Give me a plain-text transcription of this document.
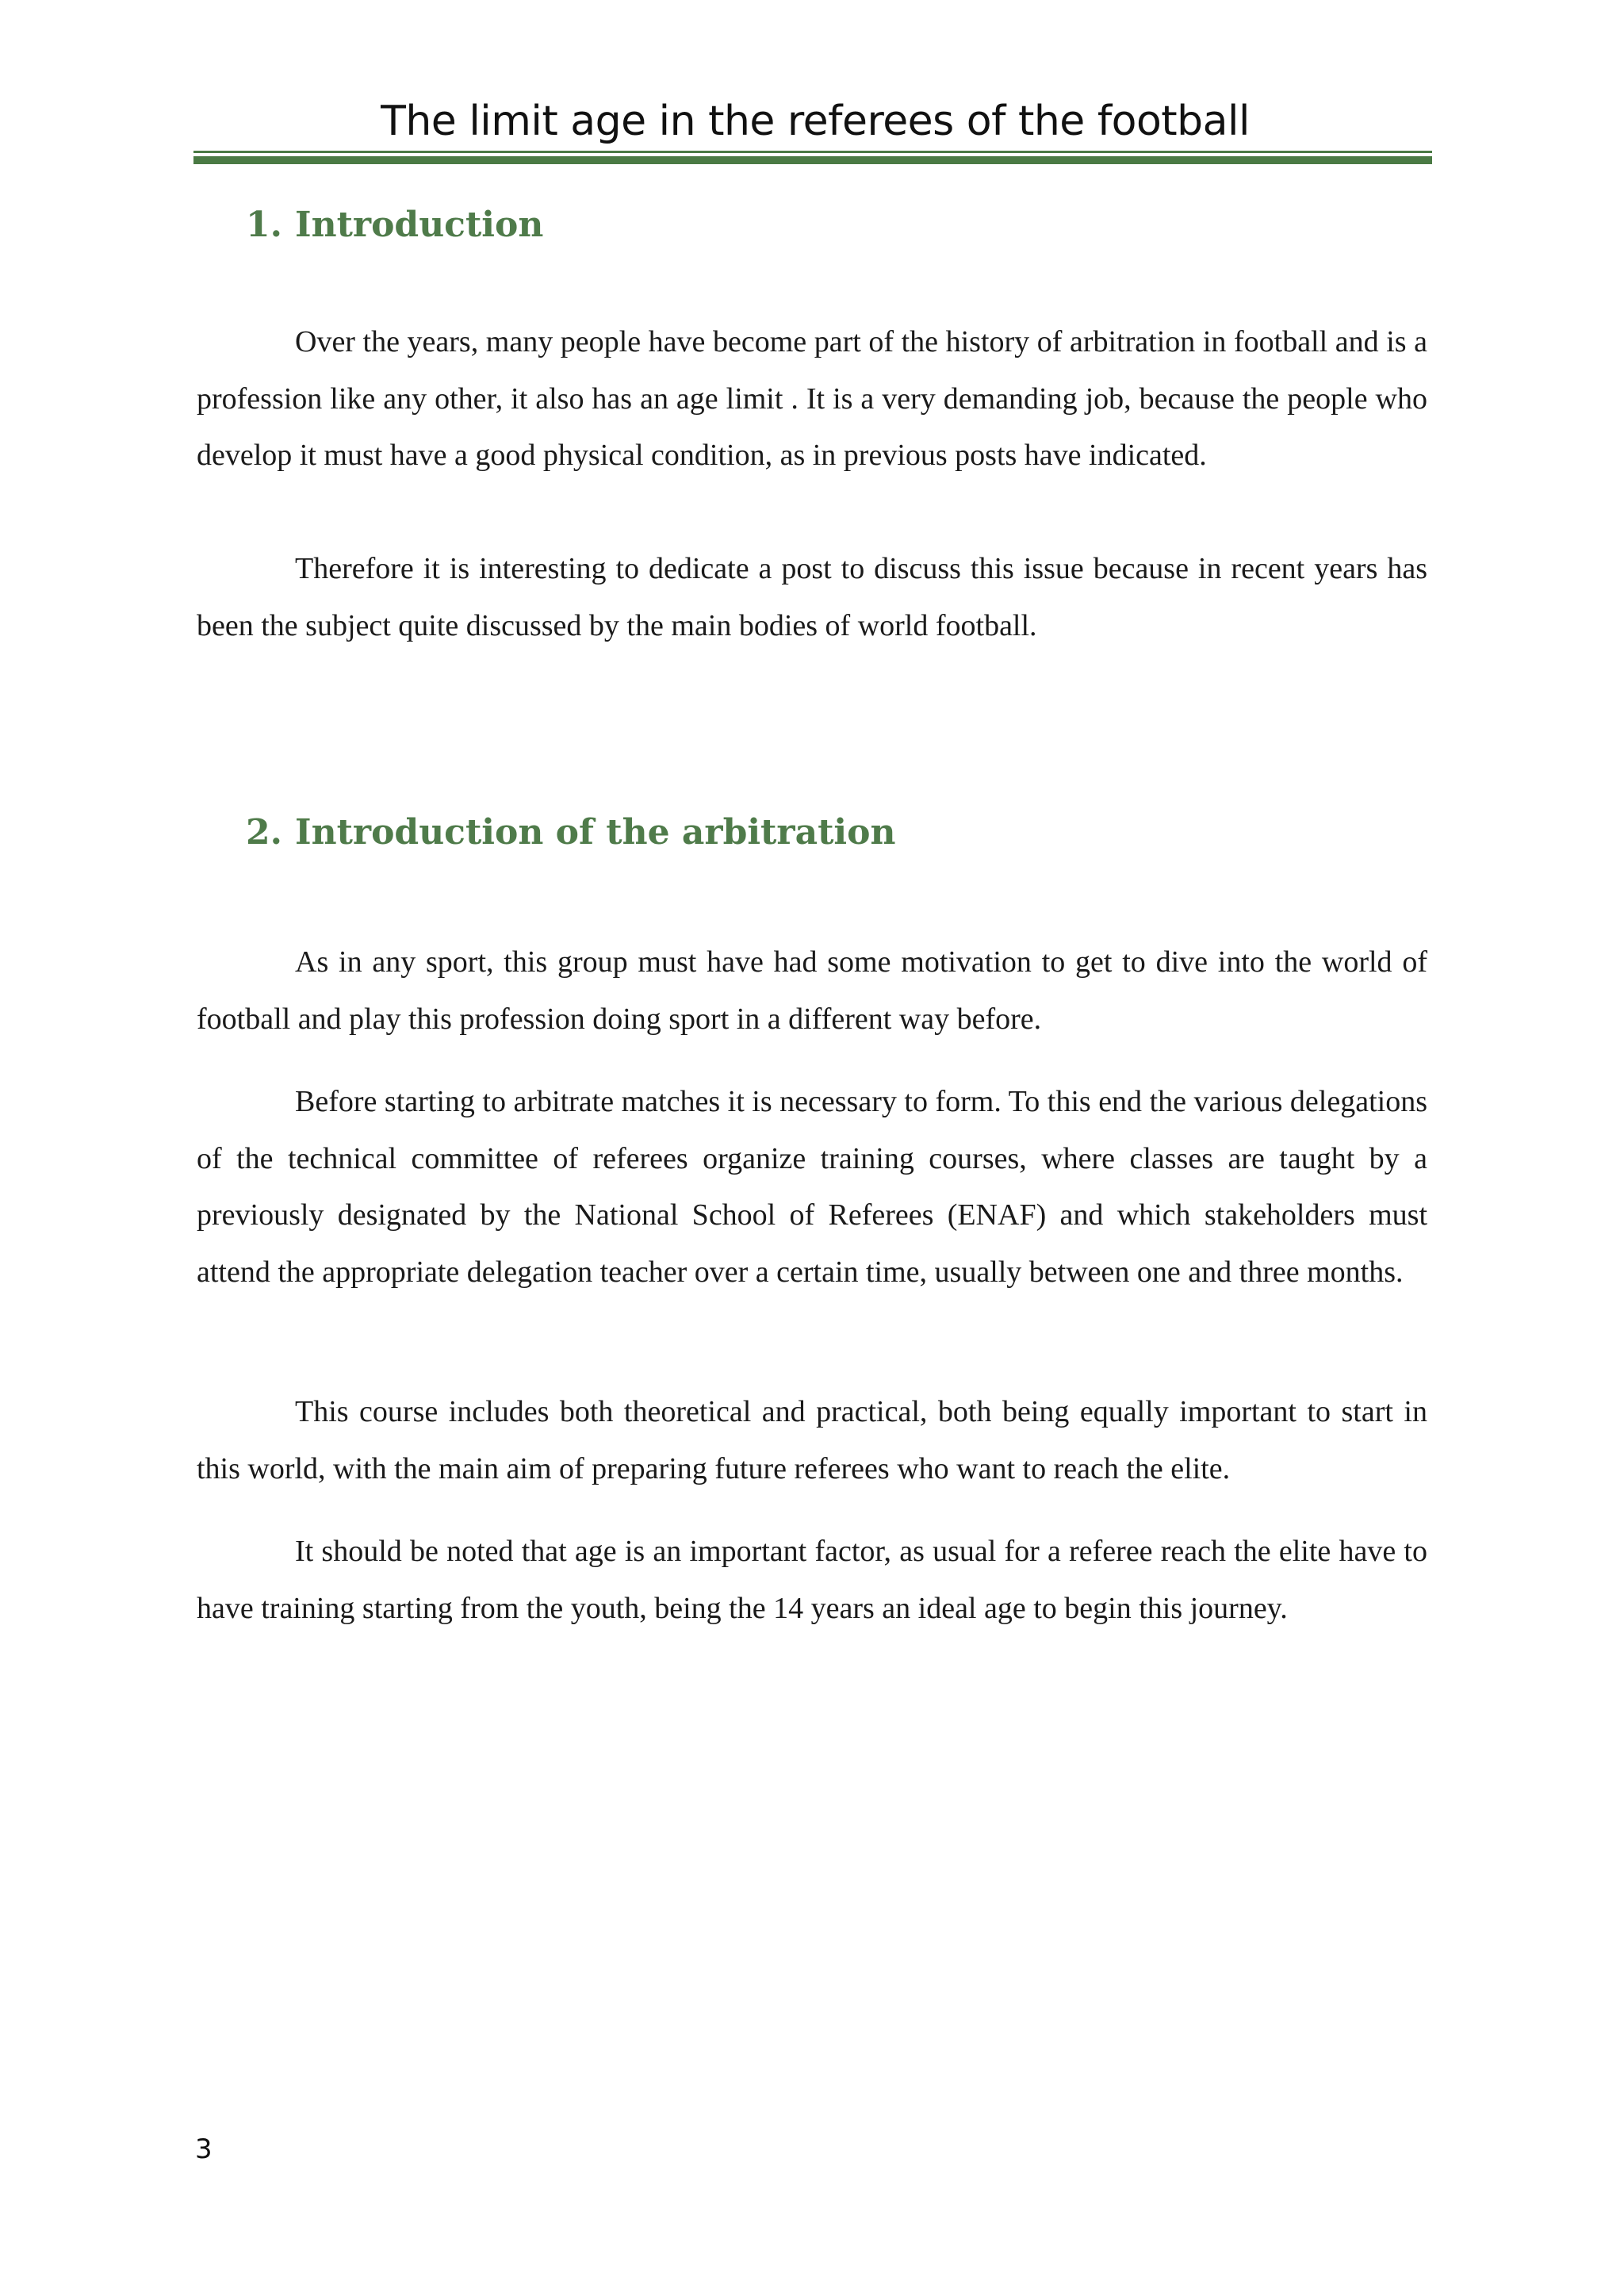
The limit age in the referees of the football
1. Introduction

Over the years, many people have become part of the history of arbitration in football and is a profession like any other, it also has an age limit . It is a very demanding job, because the people who develop it must have a good physical condition, as in previous posts have indicated.

Therefore it is interesting to dedicate a post to discuss this issue because in recent years has been the subject quite discussed by the main bodies of world football.

2. Introduction of the arbitration

As in any sport, this group must have had some motivation to get to dive into the world of football and play this profession doing sport in a different way before.

Before starting to arbitrate matches it is necessary to form. To this end the various delegations of the technical committee of referees organize training courses, where classes are taught by a previously designated by the National School of Referees (ENAF) and which stakeholders must attend the appropriate delegation teacher over a certain time, usually between one and three months.

This course includes both theoretical and practical, both being equally important to start in this world, with the main aim of preparing future referees who want to reach the elite.

It should be noted that age is an important factor, as usual for a referee reach the elite have to have training starting from the youth, being the 14 years an ideal age to begin this journey.

3
